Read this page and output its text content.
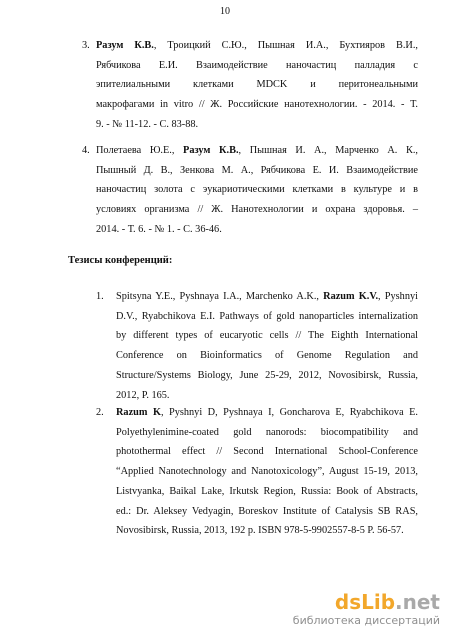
10
3. Разум К.В., Троицкий С.Ю., Пышная И.А., Бухтияров В.И.,
Рябчикова Е.И. Взаимодействие наночастиц палладия с
эпителиальными клетками MDCK и перитонеальными
макрофагами in vitro // Ж. Российские нанотехнологии. - 2014. - Т.
9. - № 11-12. - С. 83-88.
4. Полетаева Ю.Е., Разум К.В., Пышная И. А., Марченко А. К.,
Пышный Д. В., Зенкова М. А., Рябчикова Е. И. Взаимодействие
наночастиц золота с эукариотическими клетками в культуре и в
условиях организма // Ж. Нанотехнологии и охрана здоровья. –
2014. - Т. 6. - № 1. - С. 36-46.
Тезисы конференций:
1. Spitsyna Y.E., Pyshnaya I.A., Marchenko A.K., Razum K.V., Pyshnyi
D.V., Ryabchikova E.I. Pathways of gold nanoparticles internalization
by different types of eucaryotic cells // The Eighth International
Conference on Bioinformatics of Genome Regulation and
Structure/Systems Biology, June 25-29, 2012, Novosibirsk, Russia,
2012, P. 165.
2. Razum K, Pyshnyi D, Pyshnaya I, Goncharova E, Ryabchikova E.
Polyethylenimine-coated gold nanorods: biocompatibility and
photothermal effect // Second International School-Conference
“Applied Nanotechnology and Nanotoxicology”, August 15-19, 2013,
Listvyanka, Baikal Lake, Irkutsk Region, Russia: Book of Abstracts,
ed.: Dr. Aleksey Vedyagin, Boreskov Institute of Catalysis SB RAS,
Novosibirsk, Russia, 2013, 192 p. ISBN 978-5-9902557-8-5 P. 56-57.
dsLib.net
библиотека диссертаций
